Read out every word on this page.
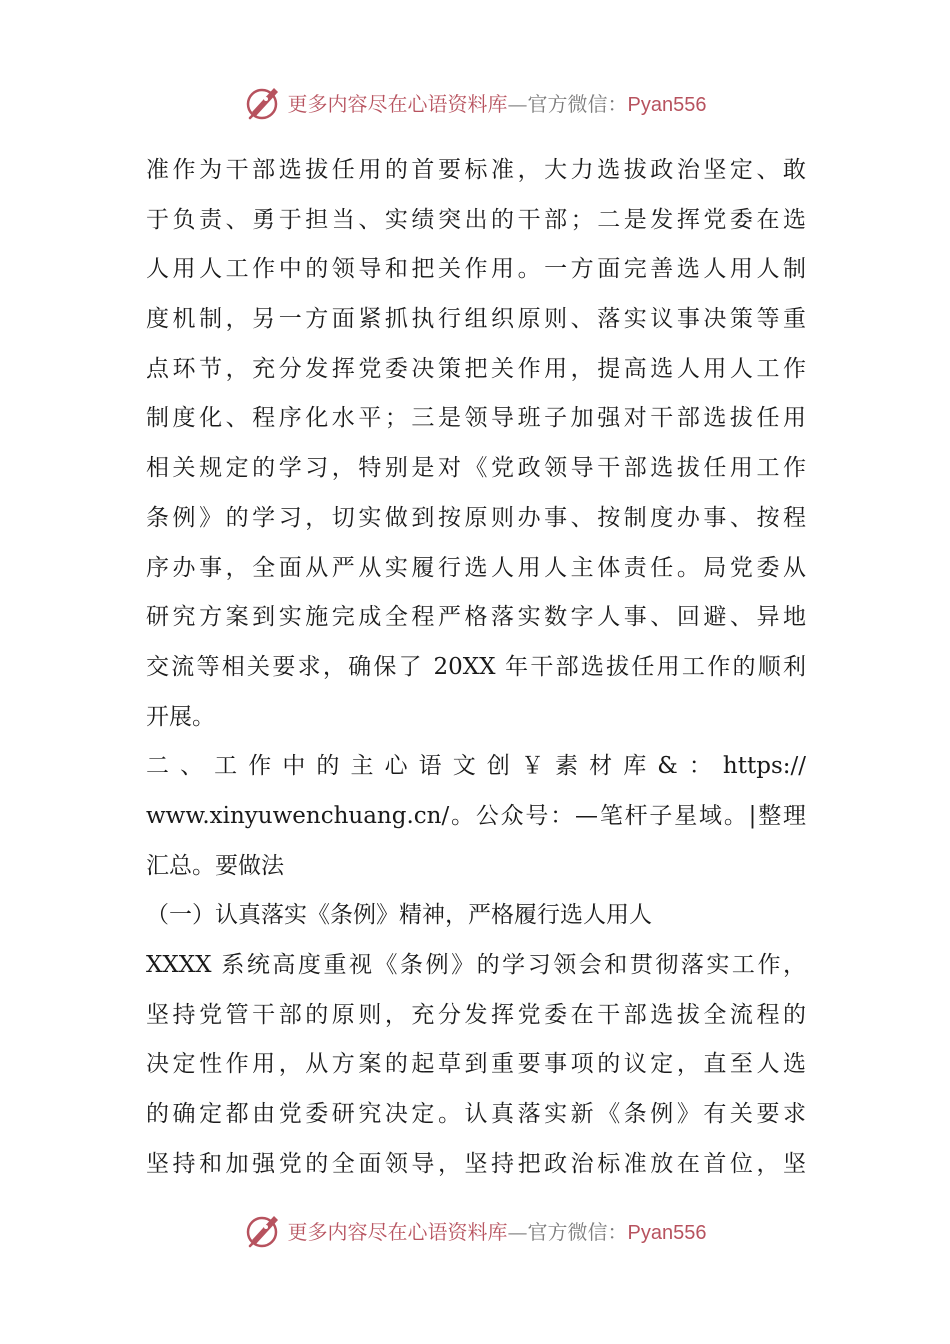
更多内容尽在心语资料库—官方微信：Pyan556
准作为干部选拔任用的首要标准，大力选拔政治坚定、敢
于负责、勇于担当、实绩突出的干部；二是发挥党委在选
人用人工作中的领导和把关作用。一方面完善选人用人制
度机制，另一方面紧抓执行组织原则、落实议事决策等重
点环节，充分发挥党委决策把关作用，提高选人用人工作
制度化、程序化水平；三是领导班子加强对干部选拔任用
相关规定的学习，特别是对《党政领导干部选拔任用工作
条例》的学习，切实做到按原则办事、按制度办事、按程
序办事，全面从严从实履行选人用人主体责任。局党委从
研究方案到实施完成全程严格落实数字人事、回避、异地
交流等相关要求，确保了 20XX 年干部选拔任用工作的顺利
开展。
二、工作中的主心语文创￥素材库&：https://
www.xinyuwenchuang.cn/。公众号：—笔杆子星域。|整理
汇总。要做法
（一）认真落实《条例》精神，严格履行选人用人
XXXX 系统高度重视《条例》的学习领会和贯彻落实工作，
坚持党管干部的原则，充分发挥党委在干部选拔全流程的
决定性作用，从方案的起草到重要事项的议定，直至人选
的确定都由党委研究决定。认真落实新《条例》有关要求
坚持和加强党的全面领导，坚持把政治标准放在首位，坚
更多内容尽在心语资料库—官方微信：Pyan556
